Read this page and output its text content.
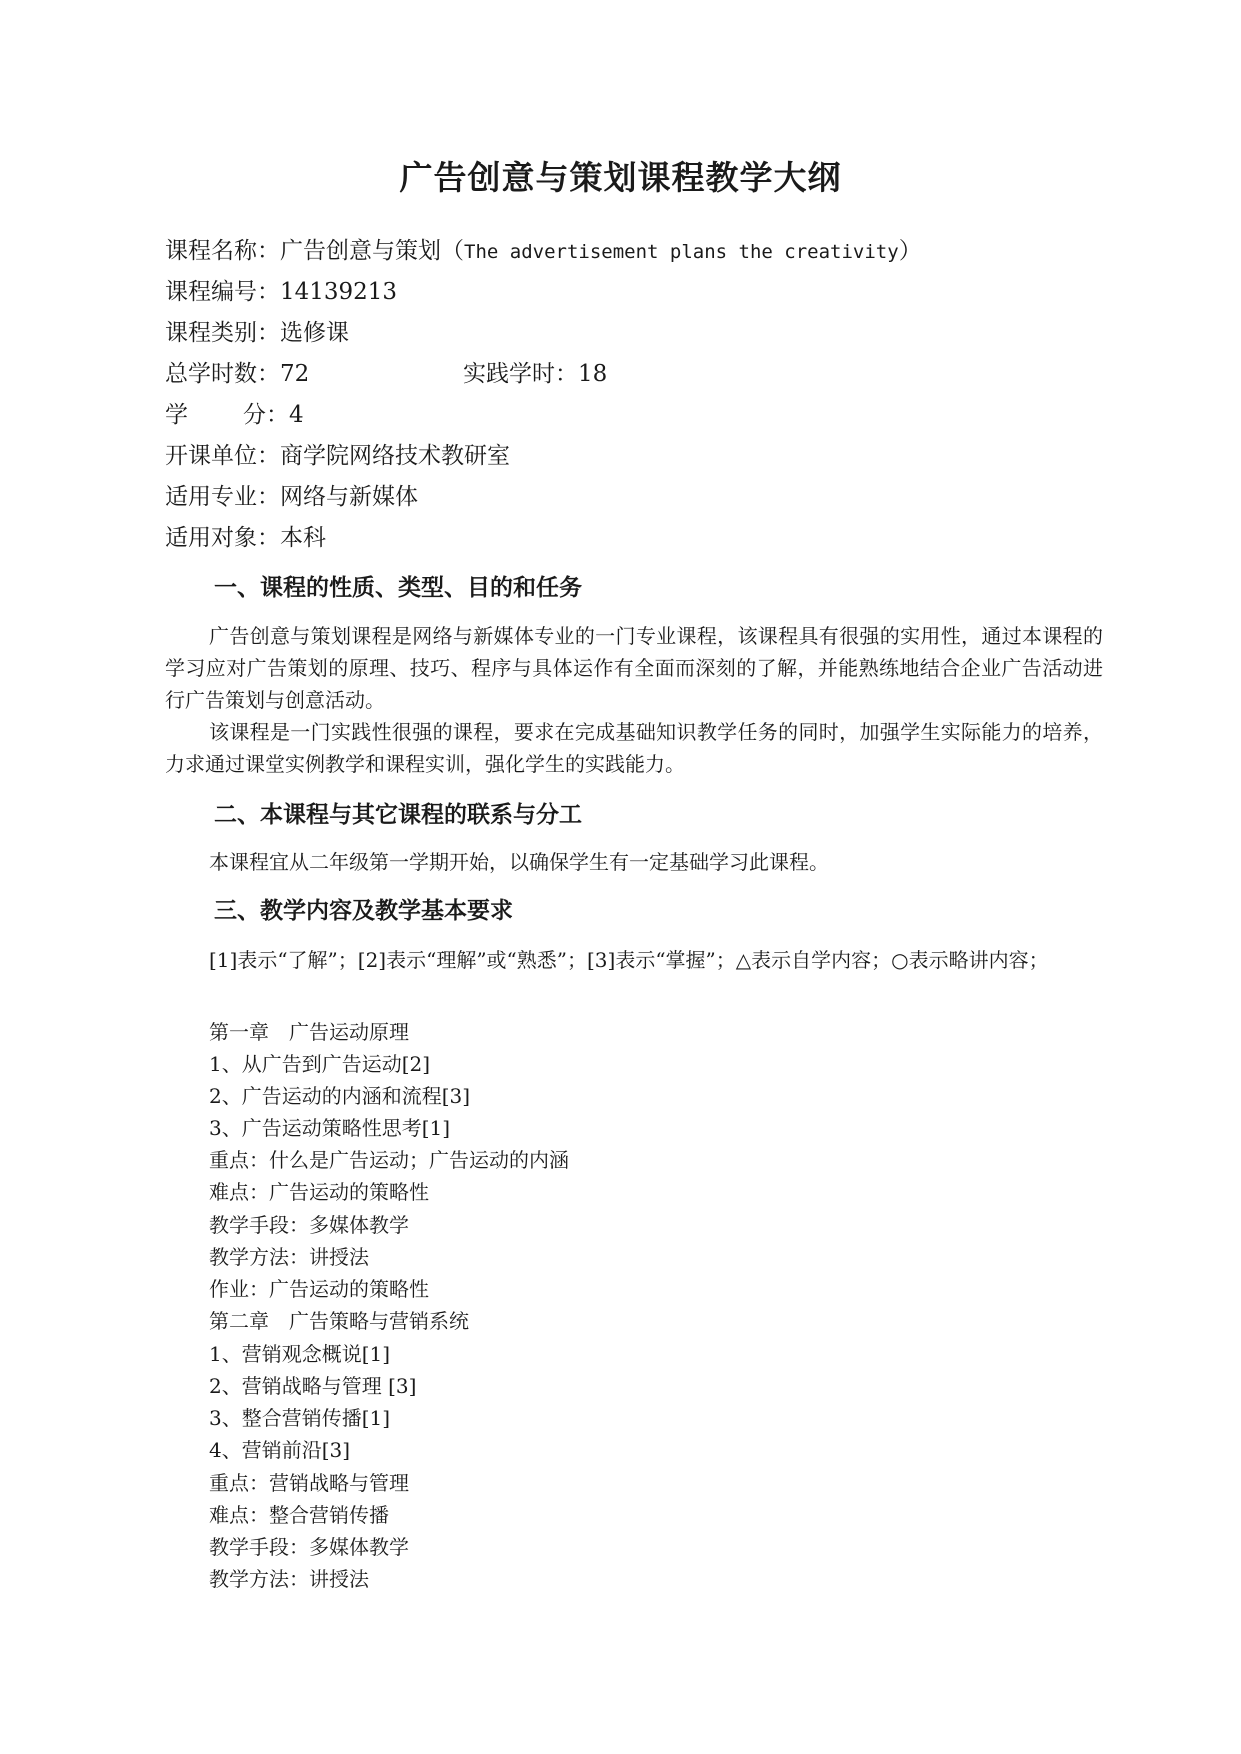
广告创意与策划课程教学大纲
课程名称：广告创意与策划（The advertisement plans the creativity）
课程编号：14139213
课程类别：选修课
总学时数：72	实践学时：18
学 分：4
开课单位：商学院网络技术教研室
适用专业：网络与新媒体
适用对象：本科
一、课程的性质、类型、目的和任务

广告创意与策划课程是网络与新媒体专业的一门专业课程，该课程具有很强的实用性，通过本课程的学习应对广告策划的原理、技巧、程序与具体运作有全面而深刻的了解，并能熟练地结合企业广告活动进行广告策划与创意活动。

该课程是一门实践性很强的课程，要求在完成基础知识教学任务的同时，加强学生实际能力的培养，力求通过课堂实例教学和课程实训，强化学生的实践能力。

二、本课程与其它课程的联系与分工

本课程宜从二年级第一学期开始，以确保学生有一定基础学习此课程。

三、教学内容及教学基本要求

[1]表示“了解”；[2]表示“理解”或“熟悉”；[3]表示“掌握”；△表示自学内容；○表示略讲内容；

第一章　广告运动原理
1、从广告到广告运动[2]
2、广告运动的内涵和流程[3]
3、广告运动策略性思考[1]
重点：什么是广告运动；广告运动的内涵
难点：广告运动的策略性
教学手段：多媒体教学
教学方法：讲授法
作业：广告运动的策略性
第二章　广告策略与营销系统
1、营销观念概说[1]
2、营销战略与管理 [3]
3、整合营销传播[1]
4、营销前沿[3]
重点：营销战略与管理
难点：整合营销传播
教学手段：多媒体教学
教学方法：讲授法
